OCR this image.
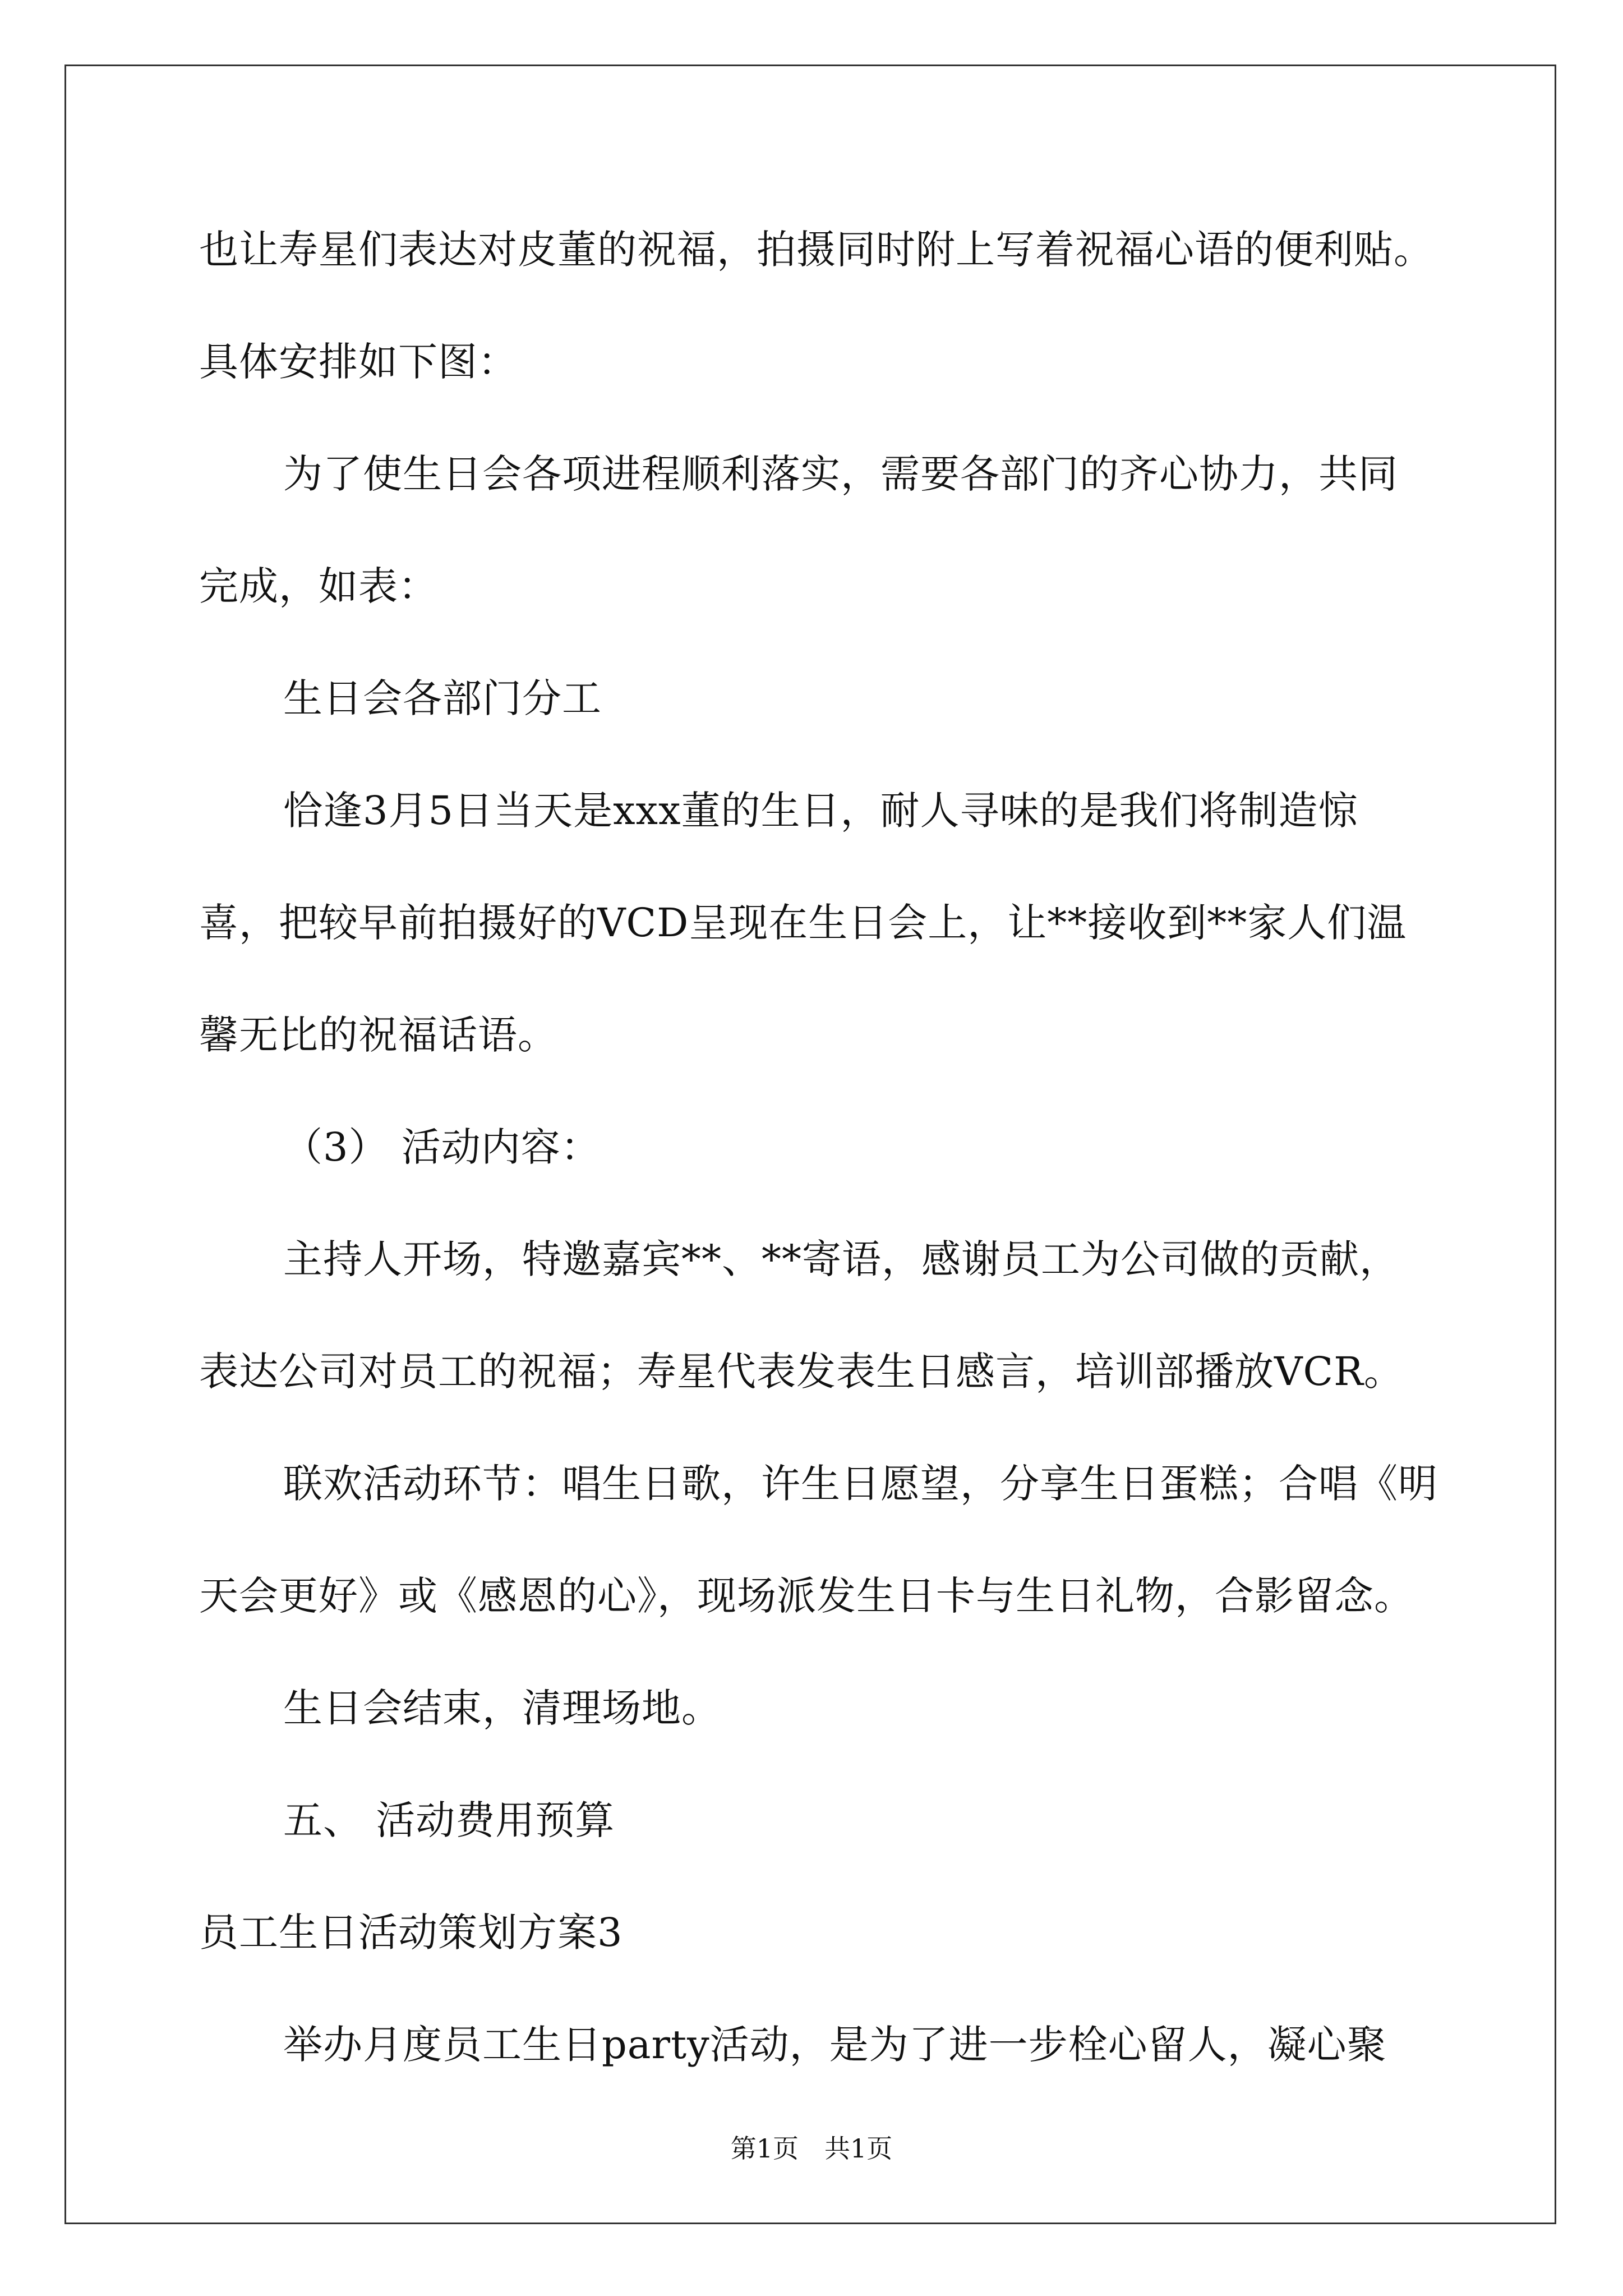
也让寿星们表达对皮董的祝福，拍摄同时附上写着祝福心语的便利贴。
具体安排如下图：
为了使生日会各项进程顺利落实，需要各部门的齐心协力，共同
完成，如表：
生日会各部门分工
恰逢3月5日当天是xxx董的生日，耐人寻味的是我们将制造惊
喜，把较早前拍摄好的VCD呈现在生日会上，让**接收到**家人们温
馨无比的祝福话语。
（3） 活动内容：
主持人开场，特邀嘉宾**、**寄语，感谢员工为公司做的贡献，
表达公司对员工的祝福；寿星代表发表生日感言，培训部播放VCR。
联欢活动环节：唱生日歌，许生日愿望，分享生日蛋糕；合唱《明
天会更好》或《感恩的心》，现场派发生日卡与生日礼物，合影留念。
生日会结束，清理场地。
五、 活动费用预算
员工生日活动策划方案3
举办月度员工生日party活动，是为了进一步栓心留人，凝心聚
第1页　共1页
